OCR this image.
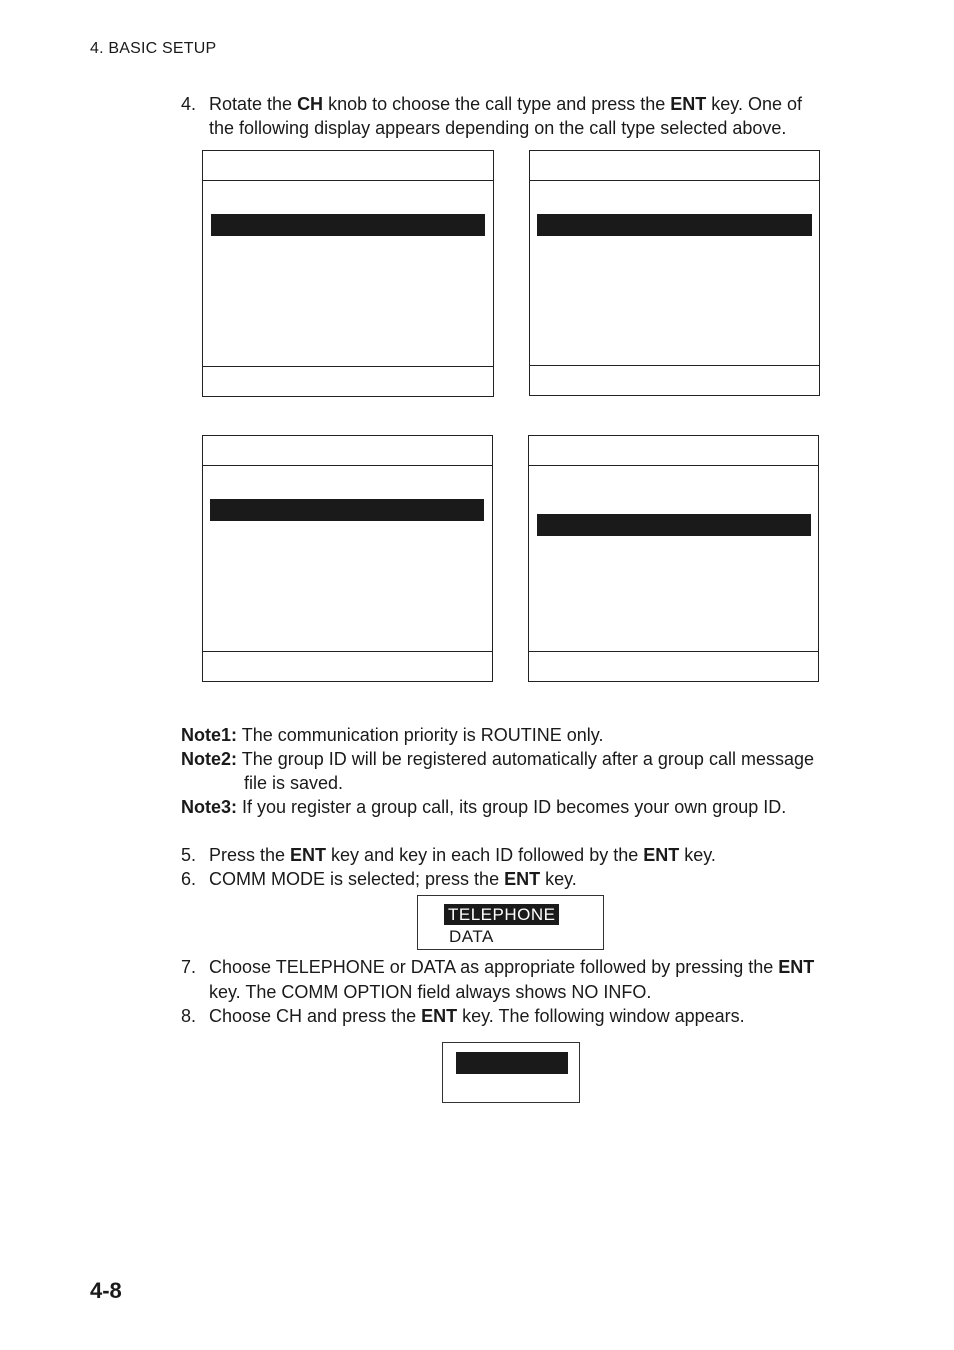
4. BASIC SETUP
4. Rotate the CH knob to choose the call type and press the ENT key. One of
the following display appears depending on the call type selected above.
Note1: The communication priority is ROUTINE only.
Note2: The group ID will be registered automatically after a group call message
file is saved.
Note3: If you register a group call, its group ID becomes your own group ID.
5. Press the ENT key and key in each ID followed by the ENT key.
6. COMM MODE is selected; press the ENT key.
TELEPHONE
DATA
7. Choose TELEPHONE or DATA as appropriate followed by pressing the ENT
key. The COMM OPTION field always shows NO INFO.
8. Choose CH and press the ENT key. The following window appears.
4-8
